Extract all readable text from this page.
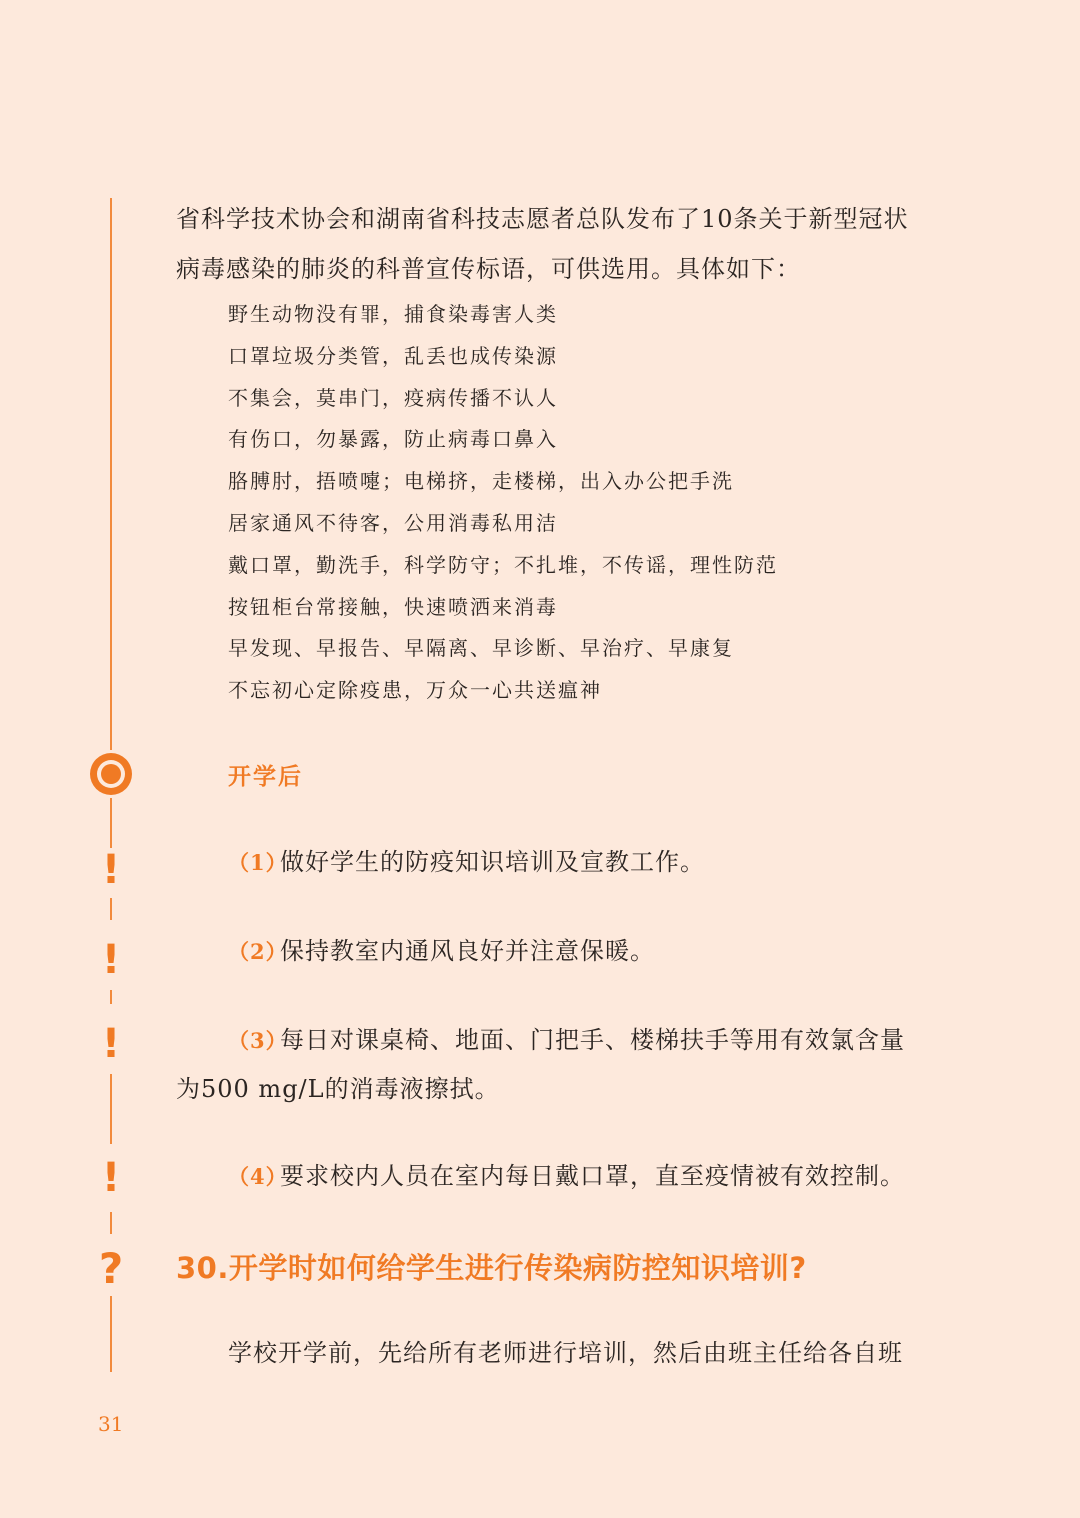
省科学技术协会和湖南省科技志愿者总队发布了10条关于新型冠状病毒感染的肺炎的科普宣传标语，可供选用。具体如下：

野生动物没有罪，捕食染毒害人类
口罩垃圾分类管，乱丢也成传染源
不集会，莫串门，疫病传播不认人
有伤口，勿暴露，防止病毒口鼻入
胳膊肘，捂喷嚏；电梯挤，走楼梯，出入办公把手洗
居家通风不待客，公用消毒私用洁
戴口罩，勤洗手，科学防守；不扎堆，不传谣，理性防范
按钮柜台常接触，快速喷洒来消毒
早发现、早报告、早隔离、早诊断、早治疗、早康复
不忘初心定除疫患，万众一心共送瘟神
开学后
!	（1）做好学生的防疫知识培训及宣教工作。

!	（2）保持教室内通风良好并注意保暖。

!	（3）每日对课桌椅、地面、门把手、楼梯扶手等用有效氯含量为500 mg/L的消毒液擦拭。

!	（4）要求校内人员在室内每日戴口罩，直至疫情被有效控制。

? 30.开学时如何给学生进行传染病防控知识培训?

学校开学前，先给所有老师进行培训，然后由班主任给各自班

31
